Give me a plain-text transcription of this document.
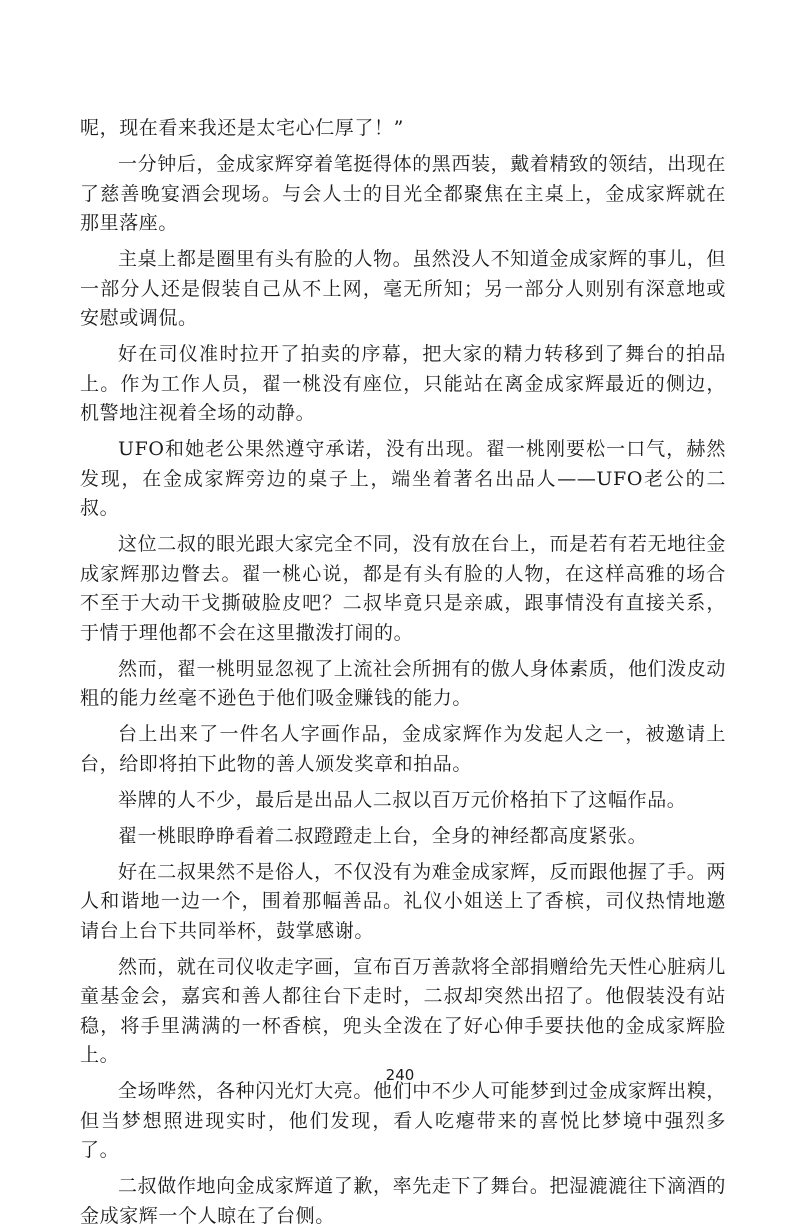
呢，现在看来我还是太宅心仁厚了！”

一分钟后，金成家辉穿着笔挺得体的黑西装，戴着精致的领结，出现在了慈善晚宴酒会现场。与会人士的目光全都聚焦在主桌上，金成家辉就在那里落座。

主桌上都是圈里有头有脸的人物。虽然没人不知道金成家辉的事儿，但一部分人还是假装自己从不上网，毫无所知；另一部分人则别有深意地或安慰或调侃。

好在司仪准时拉开了拍卖的序幕，把大家的精力转移到了舞台的拍品上。作为工作人员，翟一桃没有座位，只能站在离金成家辉最近的侧边，机警地注视着全场的动静。

UFO和她老公果然遵守承诺，没有出现。翟一桃刚要松一口气，赫然发现，在金成家辉旁边的桌子上，端坐着著名出品人——UFO老公的二叔。

这位二叔的眼光跟大家完全不同，没有放在台上，而是若有若无地往金成家辉那边瞥去。翟一桃心说，都是有头有脸的人物，在这样高雅的场合不至于大动干戈撕破脸皮吧？二叔毕竟只是亲戚，跟事情没有直接关系，于情于理他都不会在这里撒泼打闹的。

然而，翟一桃明显忽视了上流社会所拥有的傲人身体素质，他们泼皮动粗的能力丝毫不逊色于他们吸金赚钱的能力。

台上出来了一件名人字画作品，金成家辉作为发起人之一，被邀请上台，给即将拍下此物的善人颁发奖章和拍品。

举牌的人不少，最后是出品人二叔以百万元价格拍下了这幅作品。

翟一桃眼睁睁看着二叔蹬蹬走上台，全身的神经都高度紧张。

好在二叔果然不是俗人，不仅没有为难金成家辉，反而跟他握了手。两人和谐地一边一个，围着那幅善品。礼仪小姐送上了香槟，司仪热情地邀请台上台下共同举杯，鼓掌感谢。

然而，就在司仪收走字画，宣布百万善款将全部捐赠给先天性心脏病儿童基金会，嘉宾和善人都往台下走时，二叔却突然出招了。他假装没有站稳，将手里满满的一杯香槟，兜头全泼在了好心伸手要扶他的金成家辉脸上。

全场哗然，各种闪光灯大亮。他们中不少人可能梦到过金成家辉出糗，但当梦想照进现实时，他们发现，看人吃瘪带来的喜悦比梦境中强烈多了。

二叔做作地向金成家辉道了歉，率先走下了舞台。把湿漉漉往下滴酒的金成家辉一个人晾在了台侧。

240
